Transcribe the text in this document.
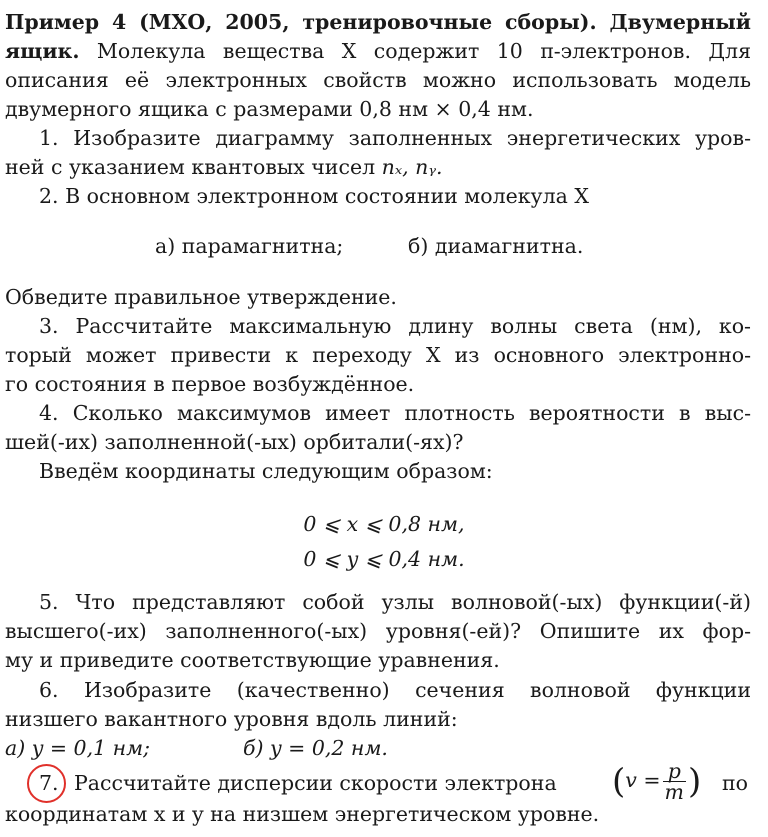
Пример 4 (МХО, 2005, тренировочные сборы). Двумерный
ящик. Молекула вещества X содержит 10 π-электронов. Для
описания её электронных свойств можно использовать модель
двумерного ящика с размерами 0,8 нм × 0,4 нм.
1. Изобразите диаграмму заполненных энергетических уров-
ней с указанием квантовых чисел nₓ, nᵧ.
2. В основном электронном состоянии молекула X
а) парамагнитна;	б) диамагнитна.
Обведите правильное утверждение.
3. Рассчитайте максимальную длину волны света (нм), ко-
торый может привести к переходу X из основного электронно-
го состояния в первое возбуждённое.
4. Сколько максимумов имеет плотность вероятности в выс-
шей(-их) заполненной(-ых) орбитали(-ях)?
Введём координаты следующим образом:
0 ⩽ x ⩽ 0,8 нм,
0 ⩽ y ⩽ 0,4 нм.
5. Что представляют собой узлы волновой(-ых) функции(-й)
высшего(-их) заполненного(-ых) уровня(-ей)? Опишите их фор-
му и приведите соответствующие уравнения.
6. Изобразите (качественно) сечения волновой функции
низшего вакантного уровня вдоль линий:
а) y = 0,1 нм;	б) y = 0,2 нм.
7. Рассчитайте дисперсии скорости электрона ($v = \frac{p}{m}$ ) по
координатам x и y на низшем энергетическом уровне.
